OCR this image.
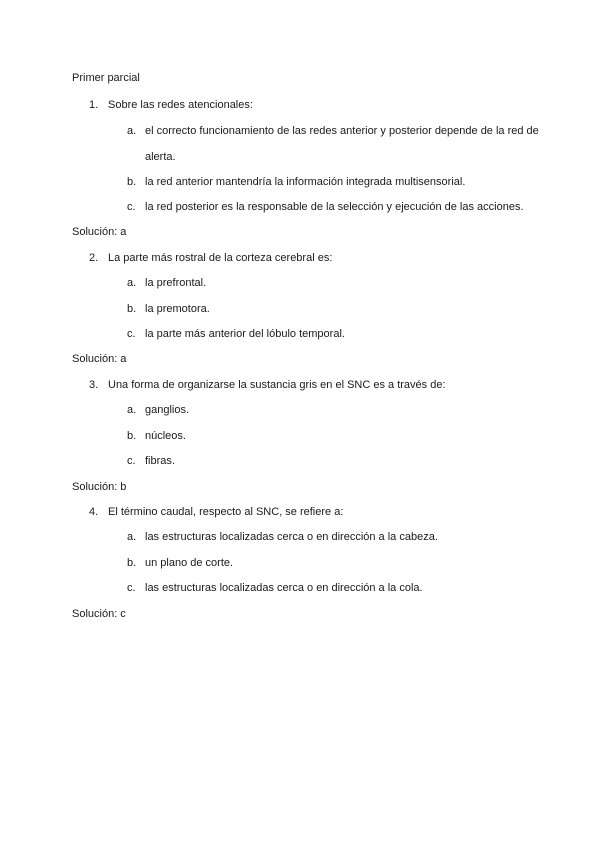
Primer parcial
1. Sobre las redes atencionales:
a. el correcto funcionamiento de las redes anterior y posterior depende de la red de alerta.
b. la red anterior mantendría la información integrada multisensorial.
c. la red posterior es la responsable de la selección y ejecución de las acciones.
Solución: a
2. La parte más rostral de la corteza cerebral es:
a. la prefrontal.
b. la premotora.
c. la parte más anterior del lóbulo temporal.
Solución: a
3. Una forma de organizarse la sustancia gris en el SNC es a través de:
a. ganglios.
b. núcleos.
c. fibras.
Solución: b
4. El término caudal, respecto al SNC, se refiere a:
a. las estructuras localizadas cerca o en dirección a la cabeza.
b. un plano de corte.
c. las estructuras localizadas cerca o en dirección a la cola.
Solución: c
